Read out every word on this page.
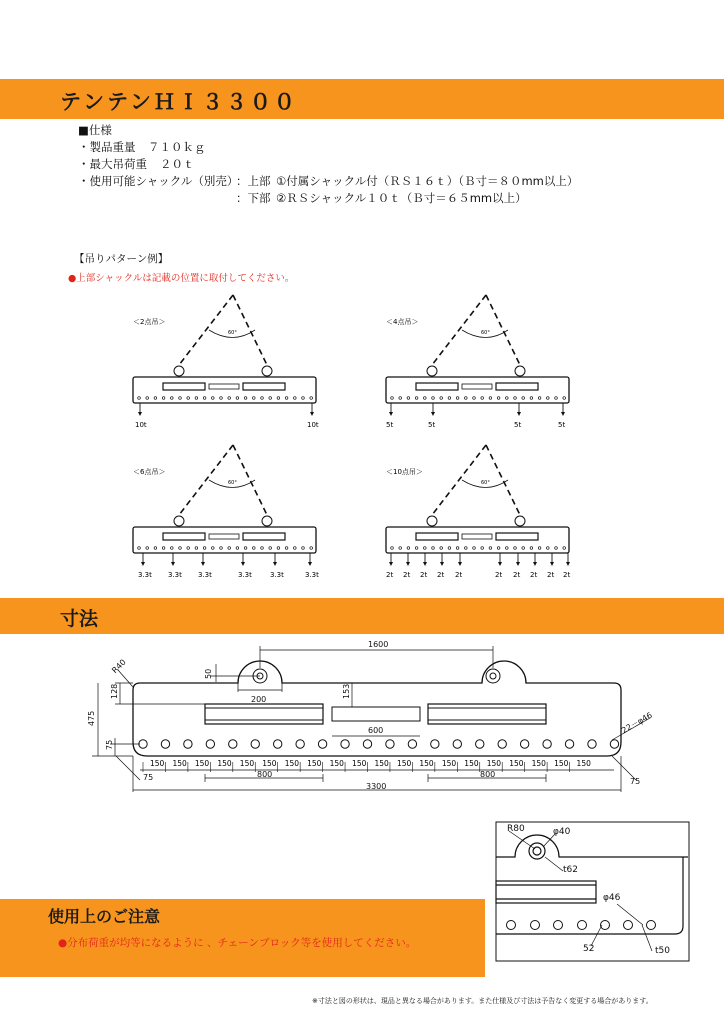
テンテンＨＩ３３００
■仕様
・製品重量 ７１０ｋｇ
・最大吊荷重 ２０ｔ
・使用可能シャックル（別売）
：上部 ①付属シャックル付（ＲＳ１６ｔ）（Ｂ寸＝８０mm以上）
：下部 ②ＲＳシャックル１０ｔ（Ｂ寸＝６５mm以上）
【吊りパターン例】
●上部シャックルは記載の位置に取付してください。
60°
＜2点吊＞
10t	10t
60°
＜4点吊＞
5t	5t	5t	5t
60°
＜6点吊＞
3.3t 3.3t 3.3t	3.3t	3.3t	3.3t
60°
＜10点吊＞
2t 2t 2t 2t 2t	2t 2t 2t 2t 2t
寸法
150 150 150 150 150 150 150 150 150 150 150 150 150 150 150 150 150 150 150 150
1600
50
R40
128
200
153
475
75
600	22－φ46
75	800	800
75
3300
R80	φ40
t62
φ46
52	t50
使用上のご注意
●分布荷重が均等になるように 、チェーンブロック等を使用してください。
※寸法と図の形状は、現品と異なる場合があります。また仕様及び寸法は予告なく変更する場合があります。
